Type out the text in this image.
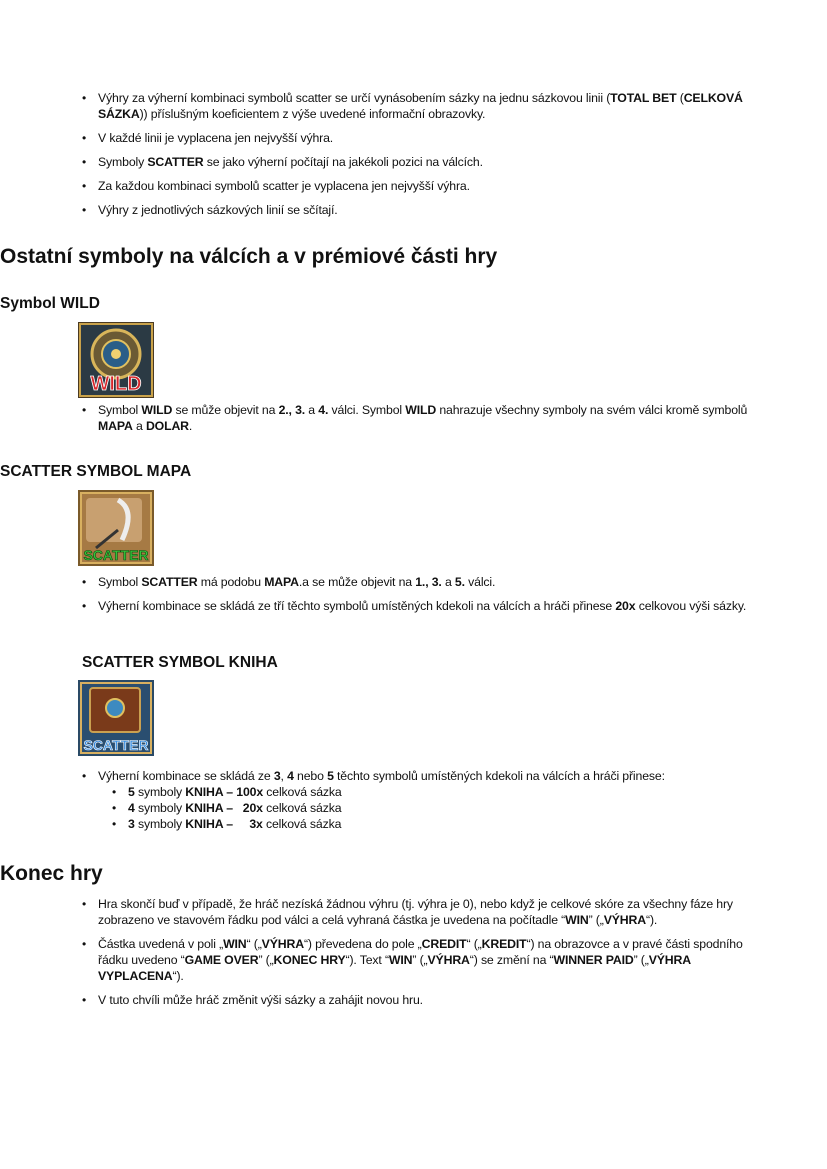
• Výhry za výherní kombinaci symbolů scatter se určí vynásobením sázky na jednu sázkovou linii (TOTAL BET (CELKOVÁ SÁZKA)) příslušným koeficientem z výše uvedené informační obrazovky.
• V každé linii je vyplacena jen nejvyšší výhra.
• Symboly SCATTER se jako výherní počítají na jakékoli pozici na válcích.
• Za každou kombinaci symbolů scatter je vyplacena jen nejvyšší výhra.
• Výhry z jednotlivých sázkových linií se sčítají.
Ostatní symboly na válcích a v prémiové části hry
Symbol WILD
WILD
• Symbol WILD se může objevit na 2., 3. a 4. válci. Symbol WILD nahrazuje všechny symboly na svém válci kromě symbolů MAPA a DOLAR.
SCATTER SYMBOL MAPA
SCATTER
• Symbol SCATTER má podobu MAPA.a se může objevit na 1., 3. a 5. válci.
• Výherní kombinace se skládá ze tří těchto symbolů umístěných kdekoli na válcích a hráči přinese 20x celkovou výši sázky.
SCATTER SYMBOL KNIHA
SCATTER
• Výherní kombinace se skládá ze 3, 4 nebo 5 těchto symbolů umístěných kdekoli na válcích a hráči přinese:
• 5 symboly KNIHA – 100x celková sázka
• 4 symboly KNIHA –   20x celková sázka
• 3 symboly KNIHA –     3x celková sázka
Konec hry
• Hra skončí buď v případě, že hráč nezíská žádnou výhru (tj. výhra je 0), nebo když je celkové skóre za všechny fáze hry zobrazeno ve stavovém řádku pod válci a celá vyhraná částka je uvedena na počítadle “WIN” („VÝHRA“).
• Částka uvedená v poli „WIN“ („VÝHRA“) převedena do pole „CREDIT“ („KREDIT“) na obrazovce a v pravé části spodního řádku uvedeno “GAME OVER” („KONEC HRY“). Text “WIN” („VÝHRA“) se změní na “WINNER PAID” („VÝHRA VYPLACENA“).
• V tuto chvíli může hráč změnit výši sázky a zahájit novou hru.
